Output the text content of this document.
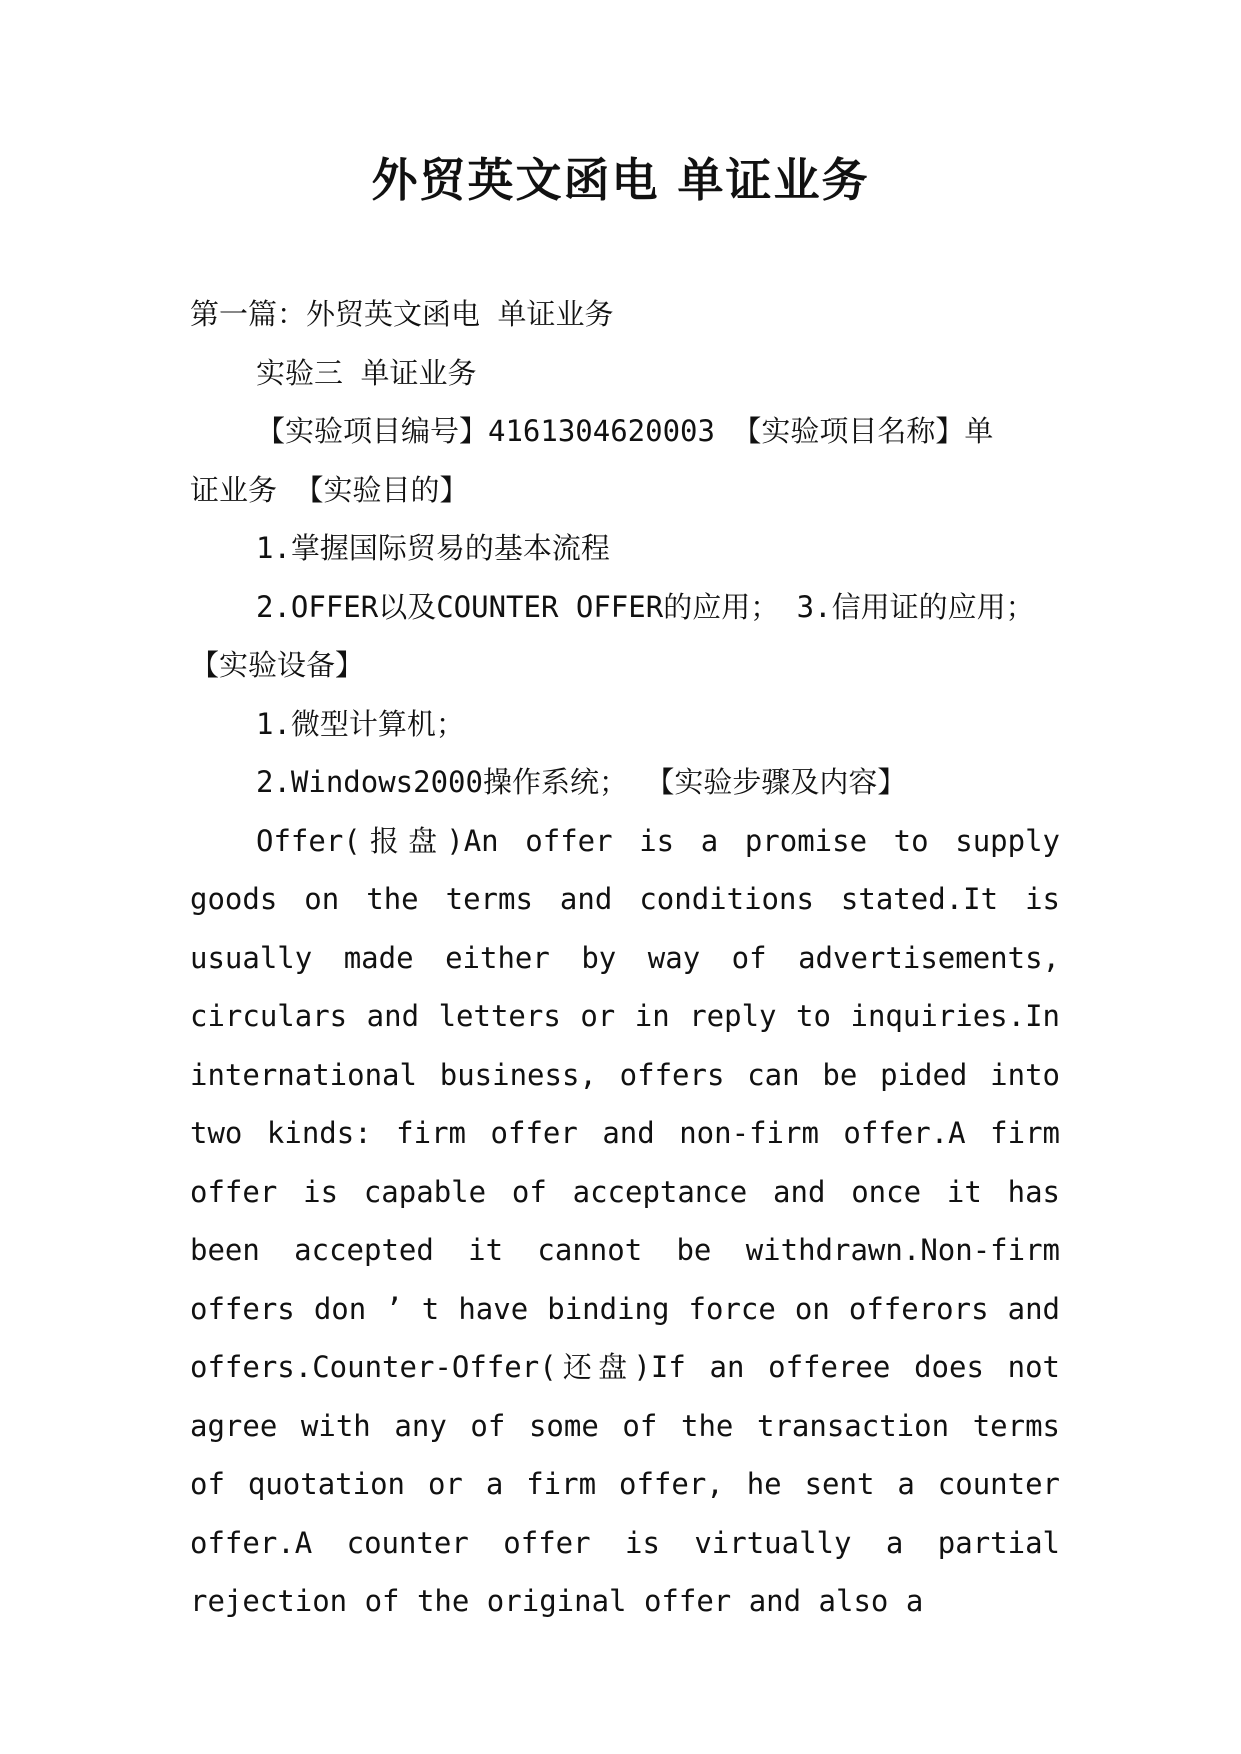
外贸英文函电 单证业务

第一篇：外贸英文函电 单证业务

实验三 单证业务

【实验项目编号】4161304620003 【实验项目名称】单

证业务 【实验目的】

1.掌握国际贸易的基本流程

2.OFFER以及COUNTER OFFER的应用； 3.信用证的应用；

【实验设备】

1.微型计算机；

2.Windows2000操作系统； 【实验步骤及内容】

Offer(报盘)An offer is a promise to supply goods on the terms and conditions stated.It is usually made either by way of advertisements, circulars and letters or in reply to inquiries.In international business, offers can be pided into two kinds: firm offer and non-firm offer.A firm offer is capable of acceptance and once it has been accepted it cannot be withdrawn.Non-firm offers don ’ t have binding force on offerors and offers.Counter-Offer(还盘)If an offeree does not agree with any of some of the transaction terms of quotation or a firm offer, he sent a counter offer.A counter offer is virtually a partial rejection of the original offer and also a
